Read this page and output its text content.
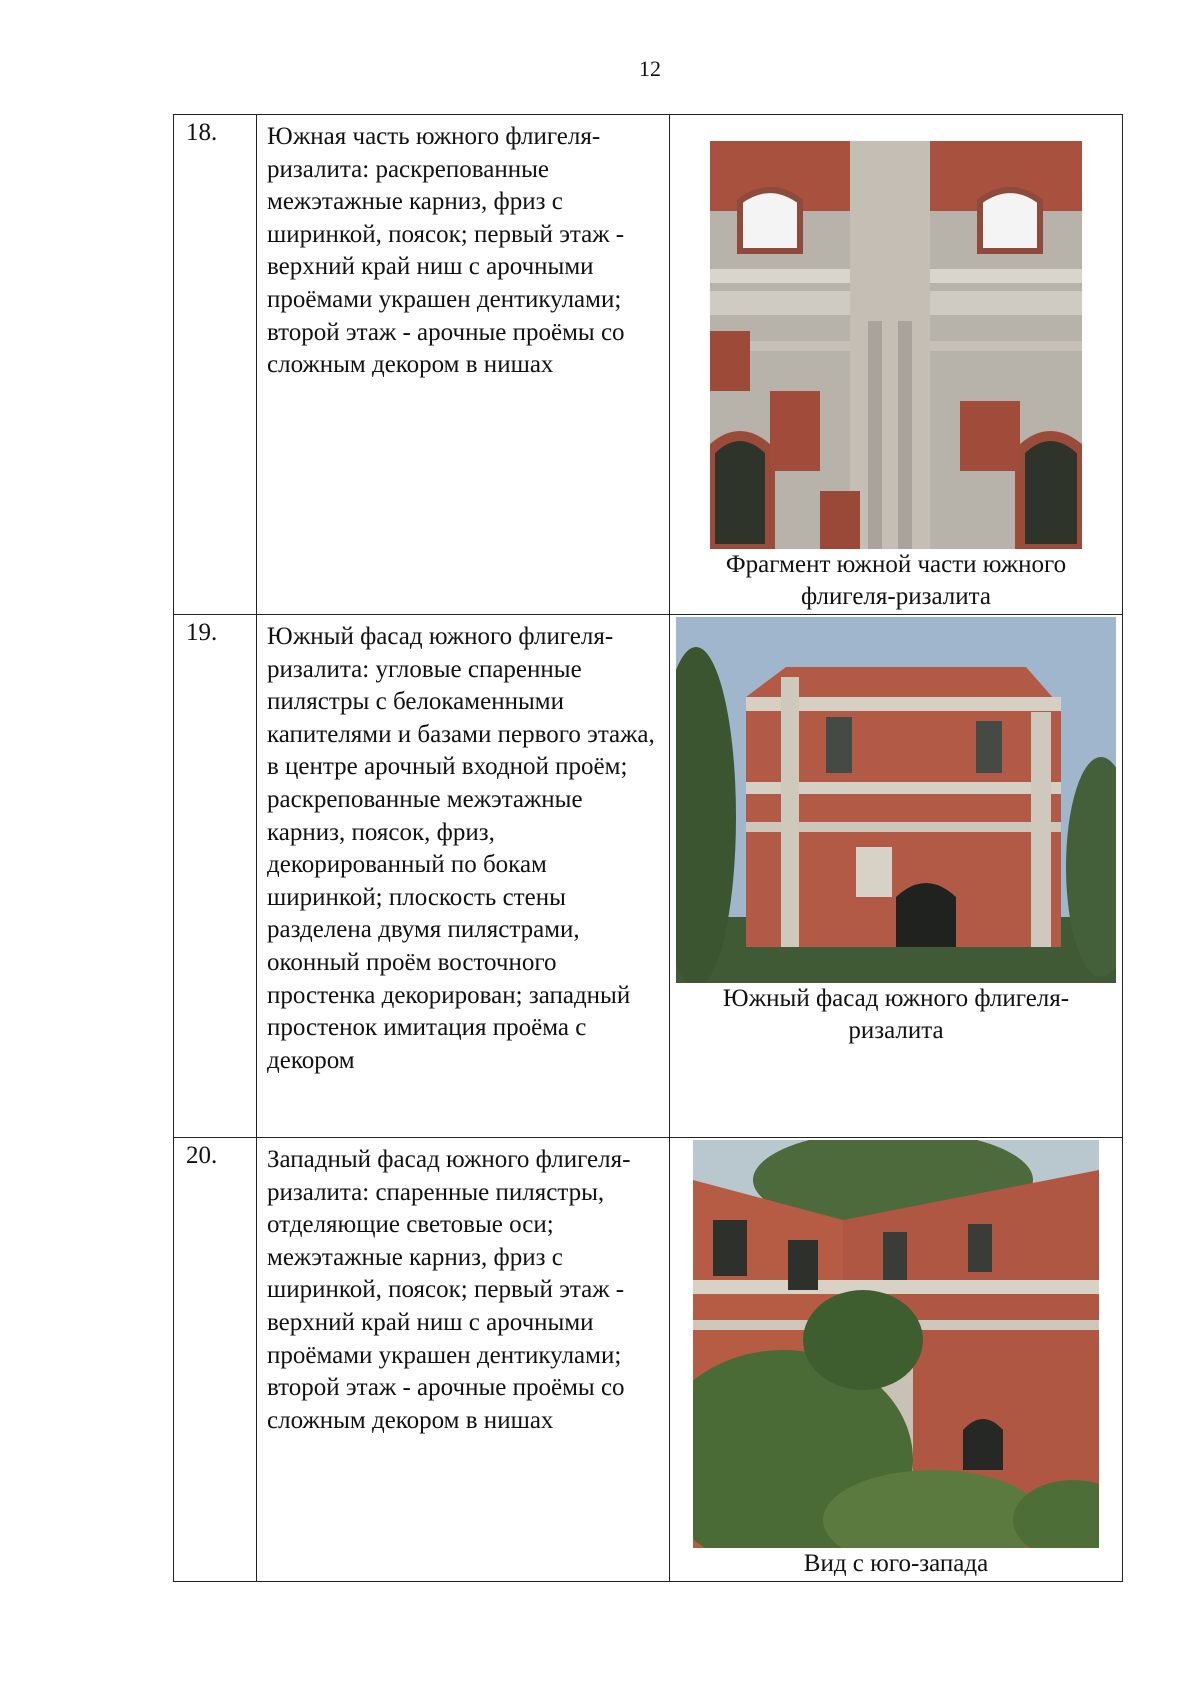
12
18.	Южная часть южного флигеля-ризалита: раскрепованные межэтажные карниз, фриз с ширинкой, поясок; первый этаж - верхний край ниш с арочными проёмами украшен дентикулами; второй этаж - арочные проёмы со сложным декором в нишах	Фрагмент южной части южного флигеля-ризалита

19.	Южный фасад южного флигеля-ризалита: угловые спаренные пилястры с белокаменными капителями и базами первого этажа, в центре арочный входной проём; раскрепованные межэтажные карниз, поясок, фриз, декорированный по бокам ширинкой; плоскость стены разделена двумя пилястрами, оконный проём восточного простенка декорирован; западный простенок имитация проёма с декором	Южный фасад южного флигеля-ризалита

20.	Западный фасад южного флигеля-ризалита: спаренные пилястры, отделяющие световые оси; межэтажные карниз, фриз с ширинкой, поясок; первый этаж - верхний край ниш с арочными проёмами украшен дентикулами; второй этаж - арочные проёмы со сложным декором в нишах	Вид с юго-запада
